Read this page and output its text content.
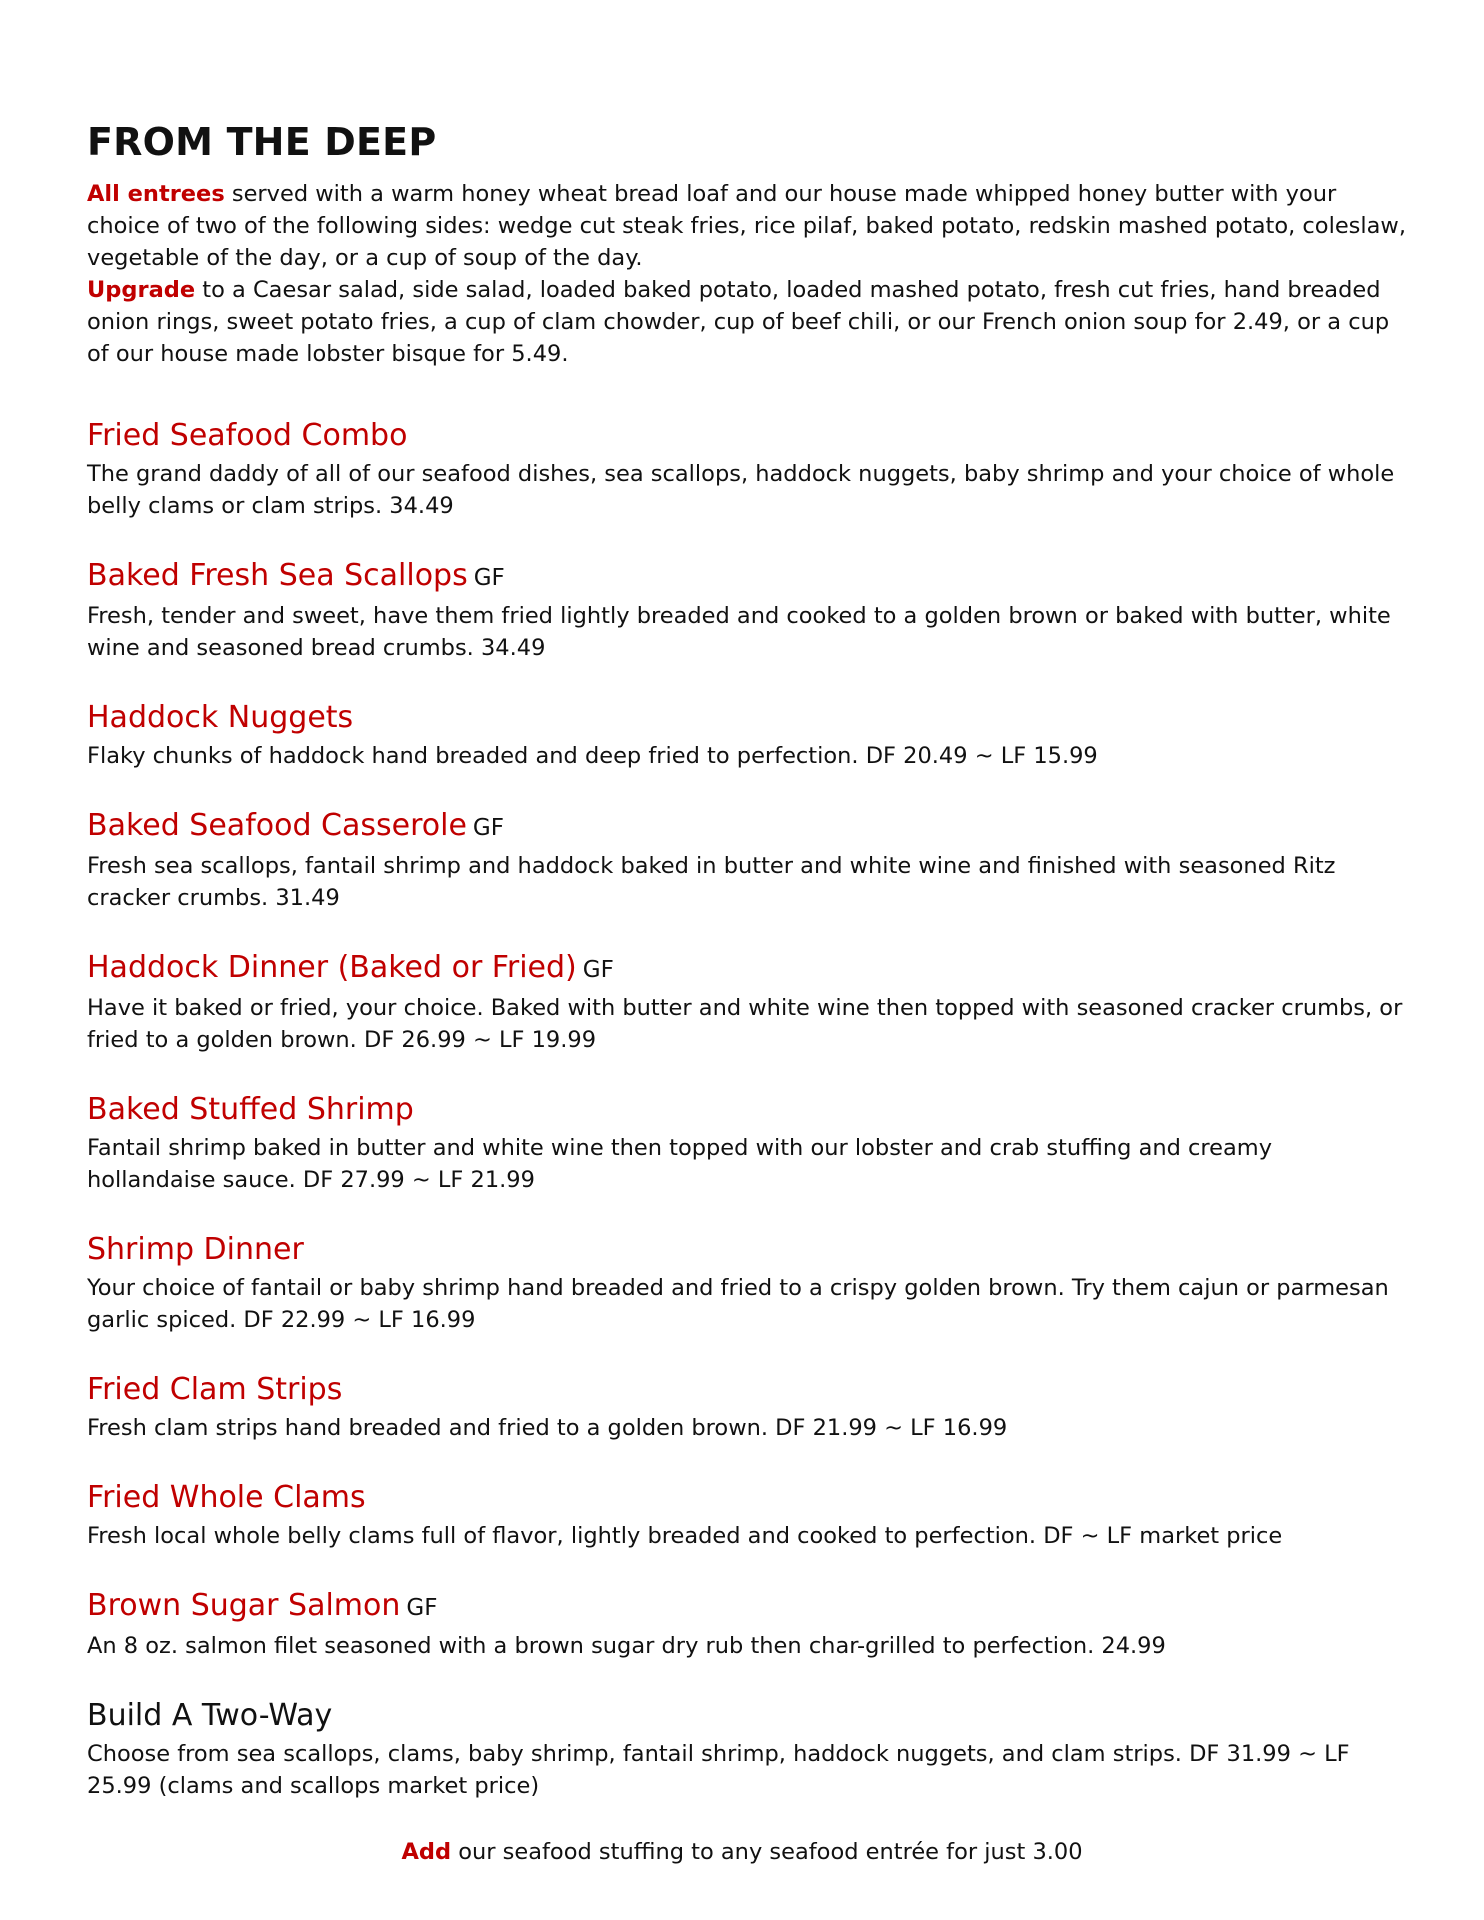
FROM THE DEEP

All entrees served with a warm honey wheat bread loaf and our house made whipped honey butter with your choice of two of the following sides: wedge cut steak fries, rice pilaf, baked potato, redskin mashed potato, coleslaw, vegetable of the day, or a cup of soup of the day.

Upgrade to a Caesar salad, side salad, loaded baked potato, loaded mashed potato, fresh cut fries, hand breaded onion rings, sweet potato fries, a cup of clam chowder, cup of beef chili, or our French onion soup for 2.49, or a cup of our house made lobster bisque for 5.49.

Fried Seafood Combo

The grand daddy of all of our seafood dishes, sea scallops, haddock nuggets, baby shrimp and your choice of whole belly clams or clam strips. 34.49

Baked Fresh Sea Scallops GF

Fresh, tender and sweet, have them fried lightly breaded and cooked to a golden brown or baked with butter, white wine and seasoned bread crumbs. 34.49

Haddock Nuggets

Flaky chunks of haddock hand breaded and deep fried to perfection. DF 20.49 ~ LF 15.99

Baked Seafood Casserole GF

Fresh sea scallops, fantail shrimp and haddock baked in butter and white wine and finished with seasoned Ritz cracker crumbs. 31.49

Haddock Dinner (Baked or Fried) GF

Have it baked or fried, your choice. Baked with butter and white wine then topped with seasoned cracker crumbs, or fried to a golden brown. DF 26.99 ~ LF 19.99

Baked Stuffed Shrimp

Fantail shrimp baked in butter and white wine then topped with our lobster and crab stuffing and creamy hollandaise sauce. DF 27.99 ~ LF 21.99

Shrimp Dinner

Your choice of fantail or baby shrimp hand breaded and fried to a crispy golden brown. Try them cajun or parmesan garlic spiced. DF 22.99 ~ LF 16.99

Fried Clam Strips

Fresh clam strips hand breaded and fried to a golden brown. DF 21.99 ~ LF 16.99

Fried Whole Clams

Fresh local whole belly clams full of flavor, lightly breaded and cooked to perfection. DF ~ LF market price

Brown Sugar Salmon GF

An 8 oz. salmon filet seasoned with a brown sugar dry rub then char-grilled to perfection. 24.99

Build A Two-Way

Choose from sea scallops, clams, baby shrimp, fantail shrimp, haddock nuggets, and clam strips. DF 31.99 ~ LF 25.99 (clams and scallops market price)

Add our seafood stuffing to any seafood entrée for just 3.00
